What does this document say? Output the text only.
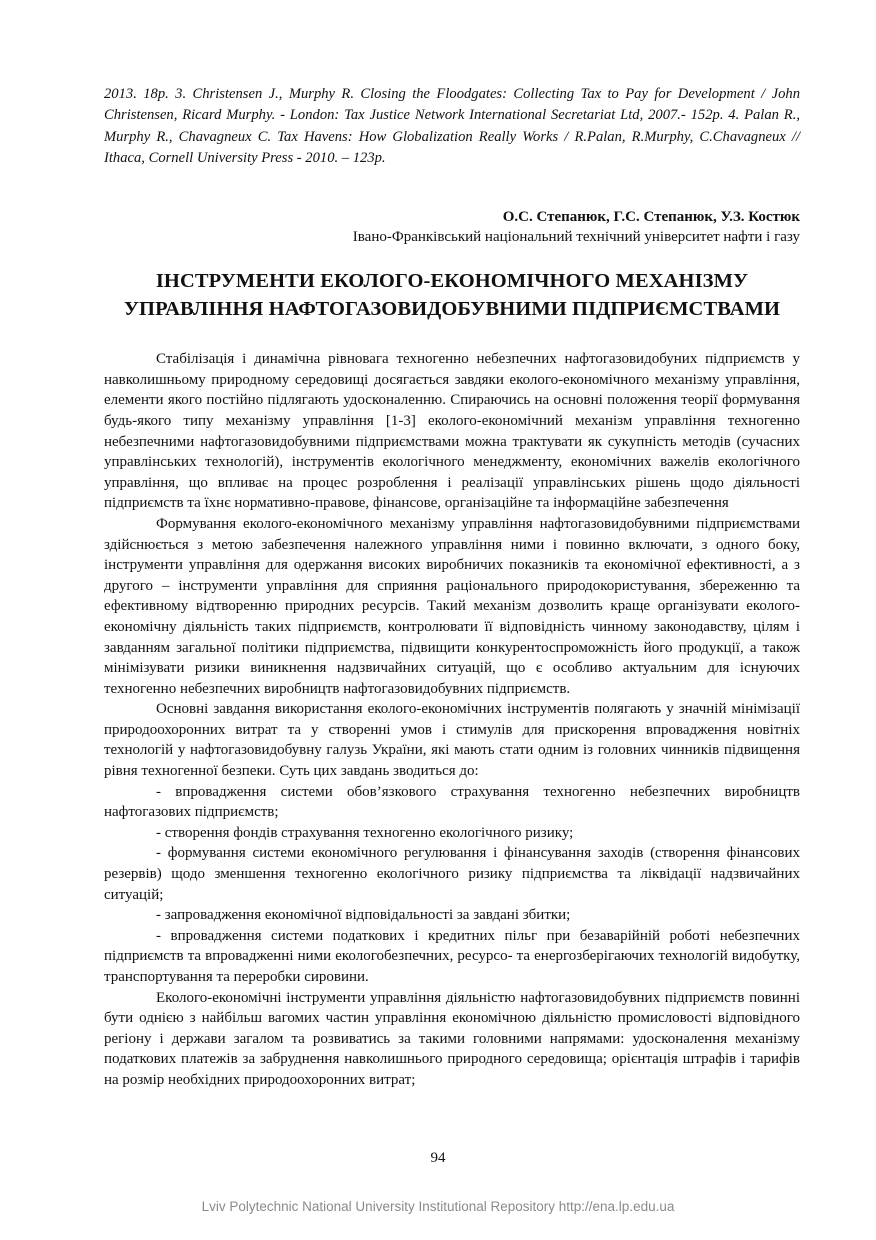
2013. 18р. 3. Christensen J., Murphy R. Closing the Floodgates: Collecting Tax to Pay for Development / John Christensen, Ricard Murphy. - London: Tax Justice Network International Secretariat Ltd, 2007.- 152р. 4. Palan R., Murphy R., Chavagneux C. Tax Havens: How Globalization Really Works / R.Palan, R.Murphy, C.Chavagneux // Ithaca, Cornell University Press - 2010. – 123р.

О.С. Степанюк, Г.С. Степанюк, У.З. Костюк
Івано-Франківський національний технічний університет нафти і газу
ІНСТРУМЕНТИ ЕКОЛОГО-ЕКОНОМІЧНОГО МЕХАНІЗМУ
УПРАВЛІННЯ НАФТОГАЗОВИДОБУВНИМИ ПІДПРИЄМСТВАМИ

Стабілізація і динамічна рівновага техногенно небезпечних нафтогазовидобуних підприємств у навколишньому природному середовищі досягається завдяки еколого-економічного механізму управління, елементи якого постійно підлягають удосконаленню. Спираючись на основні положення теорії формування будь-якого типу механізму управління [1-3] еколого-економічний механізм управління техногенно небезпечними нафтогазовидобувними підприємствами можна трактувати як сукупність методів (сучасних управлінських технологій), інструментів екологічного менеджменту, економічних важелів екологічного управління, що впливає на процес розроблення і реалізації управлінських рішень щодо діяльності підприємств та їхнє нормативно-правове, фінансове, організаційне та інформаційне забезпечення

Формування еколого-економічного механізму управління нафтогазовидобувними підприємствами здійснюється з метою забезпечення належного управління ними і повинно включати, з одного боку, інструменти управління для одержання високих виробничих показників та економічної ефективності, а з другого – інструменти управління для сприяння раціонального природокористування, збереженню та ефективному відтворенню природних ресурсів. Такий механізм дозволить краще організувати еколого-економічну діяльність таких підприємств, контролювати її відповідність чинному законодавству, цілям і завданням загальної політики підприємства, підвищити конкурентоспроможність його продукції, а також мінімізувати ризики виникнення надзвичайних ситуацій, що є особливо актуальним для існуючих техногенно небезпечних виробництв нафтогазовидобувних підприємств.

Основні завдання використання еколого-економічних інструментів полягають у значній мінімізації природоохоронних витрат та у створенні умов і стимулів для прискорення впровадження новітніх технологій у нафтогазовидобувну галузь України, які мають стати одним із головних чинників підвищення рівня техногенної безпеки. Суть цих завдань зводиться до:

- впровадження системи обов’язкового страхування техногенно небезпечних виробництв нафтогазових підприємств;

- створення фондів страхування техногенно екологічного ризику;

- формування системи економічного регулювання і фінансування заходів (створення фінансових резервів) щодо зменшення техногенно екологічного ризику підприємства та ліквідації надзвичайних ситуацій;

- запровадження економічної відповідальності за завдані збитки;

- впровадження системи податкових і кредитних пільг при безаварійній роботі небезпечних підприємств та впровадженні ними екологобезпечних, ресурсо- та енергозберігаючих технологій видобутку, транспортування та переробки сировини.

Еколого-економічні інструменти управління діяльністю нафтогазовидобувних підприємств повинні бути однією з найбільш вагомих частин управління економічною діяльністю промисловості відповідного регіону і держави загалом та розвиватись за такими головними напрямами: удосконалення механізму податкових платежів за забруднення навколишнього природного середовища; орієнтація штрафів і тарифів на розмір необхідних природоохоронних витрат;

94
Lviv Polytechnic National University Institutional Repository http://ena.lp.edu.ua
